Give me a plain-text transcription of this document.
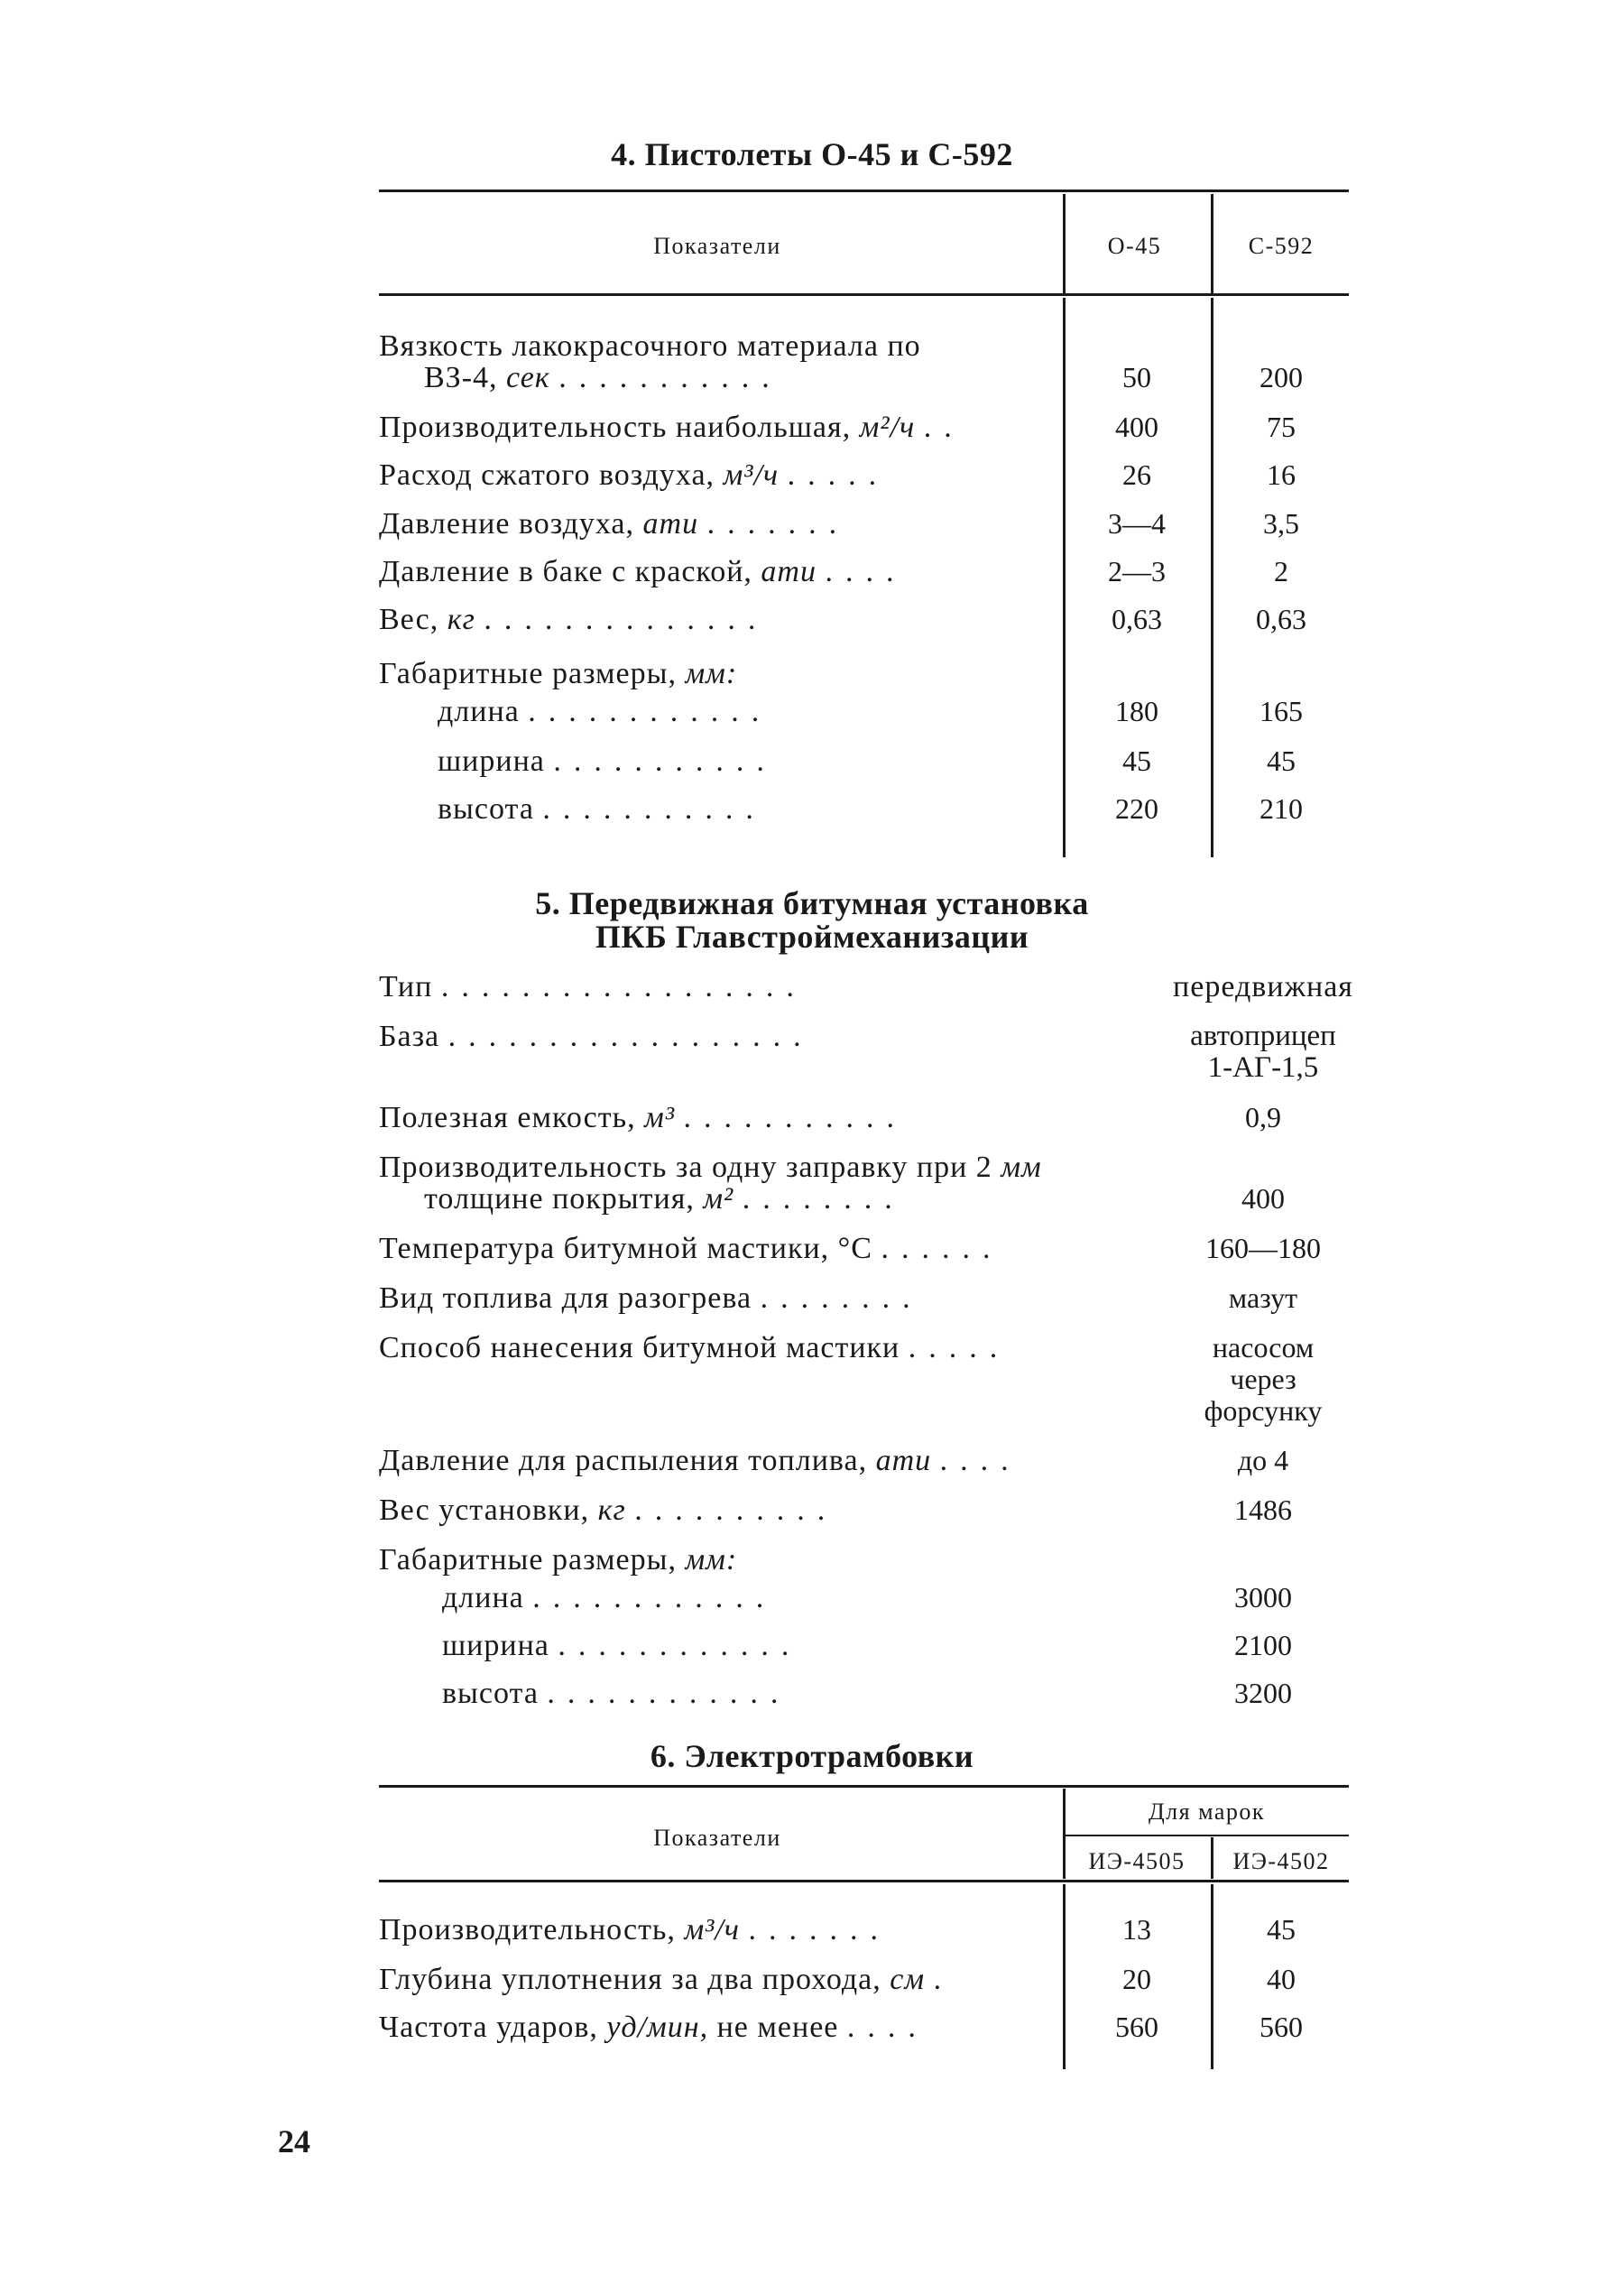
4. Пистолеты О-45 и С-592
Показатели	О-45	С-592
Вязкость лакокрасочного материала по
ВЗ-4, сек ...........	50	200
Производительность наибольшая, м²/ч ..	400	75
Расход сжатого воздуха, м³/ч .....	26	16
Давление воздуха, ати .......	3—4	3,5
Давление в баке с краской, ати ....	2—3	2
Вес, кг ..............	0,63	0,63
Габаритные размеры, мм:
длина ............	180	165
ширина ...........	45	45
высота ...........	220	210
5. Передвижная битумная установка
ПКБ Главстроймеханизации
Тип ..................	передвижная
База ..................	автоприцеп
1-АГ-1,5
Полезная емкость, м³ ...........	0,9
Производительность за одну заправку при 2 мм
толщине покрытия, м² ........	400
Температура битумной мастики, °С ......	160—180
Вид топлива для разогрева ........	мазут
Способ нанесения битумной мастики .....	насосом
через
форсунку
Давление для распыления топлива, ати ....	до 4
Вес установки, кг ..........	1486
Габаритные размеры, мм:
длина ............	3000
ширина ............	2100
высота ............	3200
6. Электротрамбовки
Показатели
Для марок
ИЭ-4505	ИЭ-4502
Производительность, м³/ч .......	13	45
Глубина уплотнения за два прохода, см .	20	40
Частота ударов, уд/мин, не менее ....	560	560
24
